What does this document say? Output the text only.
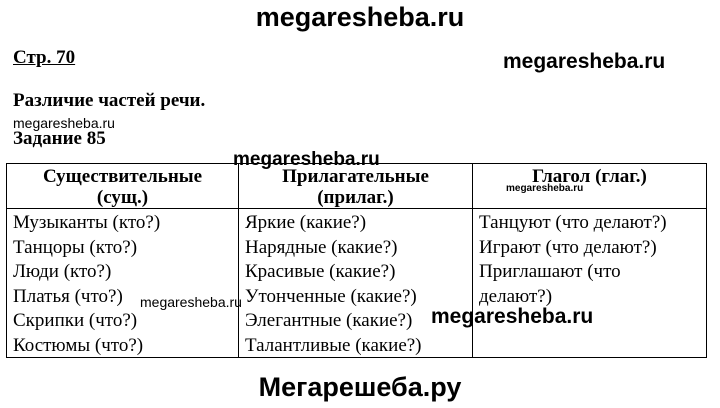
megaresheba.ru
Стр. 70	megaresheba.ru
Различие частей речи.
megaresheba.ru
Задание 85
Существительные
(сущ.)
Музыканты (кто?)
Танцоры (кто?)
Люди (кто?)
Платья (что?)
Скрипки (что?)
Костюмы (что?)
Прилагательные
(прилаг.)
Яркие (какие?)
Нарядные (какие?)
Красивые (какие?)
Утонченные (какие?)
Элегантные (какие?)
Талантливые (какие?)
Глагол (глаг.)
Танцуют (что делают?)
Играют (что делают?)
Приглашают (что
делают?)
megaresheba.ru
megaresheba.ru
megaresheba.ru
megaresheba.ru
Мегарешеба.ру
